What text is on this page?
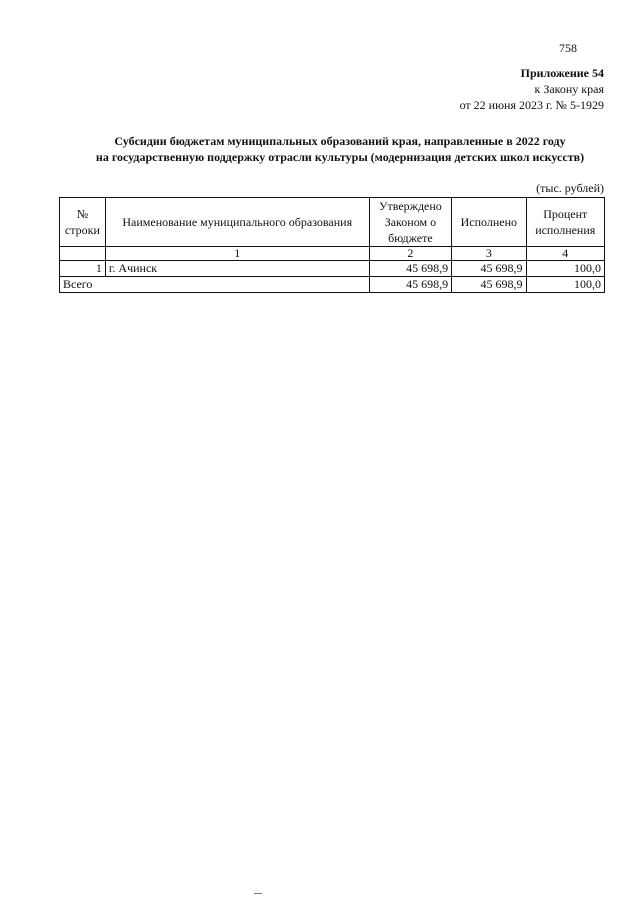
758
Приложение 54
к Закону края
от 22 июня 2023 г. № 5-1929
Субсидии бюджетам муниципальных образований края, направленные в 2022 году
на государственную поддержку отрасли культуры (модернизация детских школ искусств)
(тыс. рублей)
№ строки	Наименование муниципального образования	Утверждено Законом о бюджете	Исполнено	Процент исполнения
	1	2	3	4
1	г. Ачинск	45 698,9	45 698,9	100,0
Всего		45 698,9	45 698,9	100,0
